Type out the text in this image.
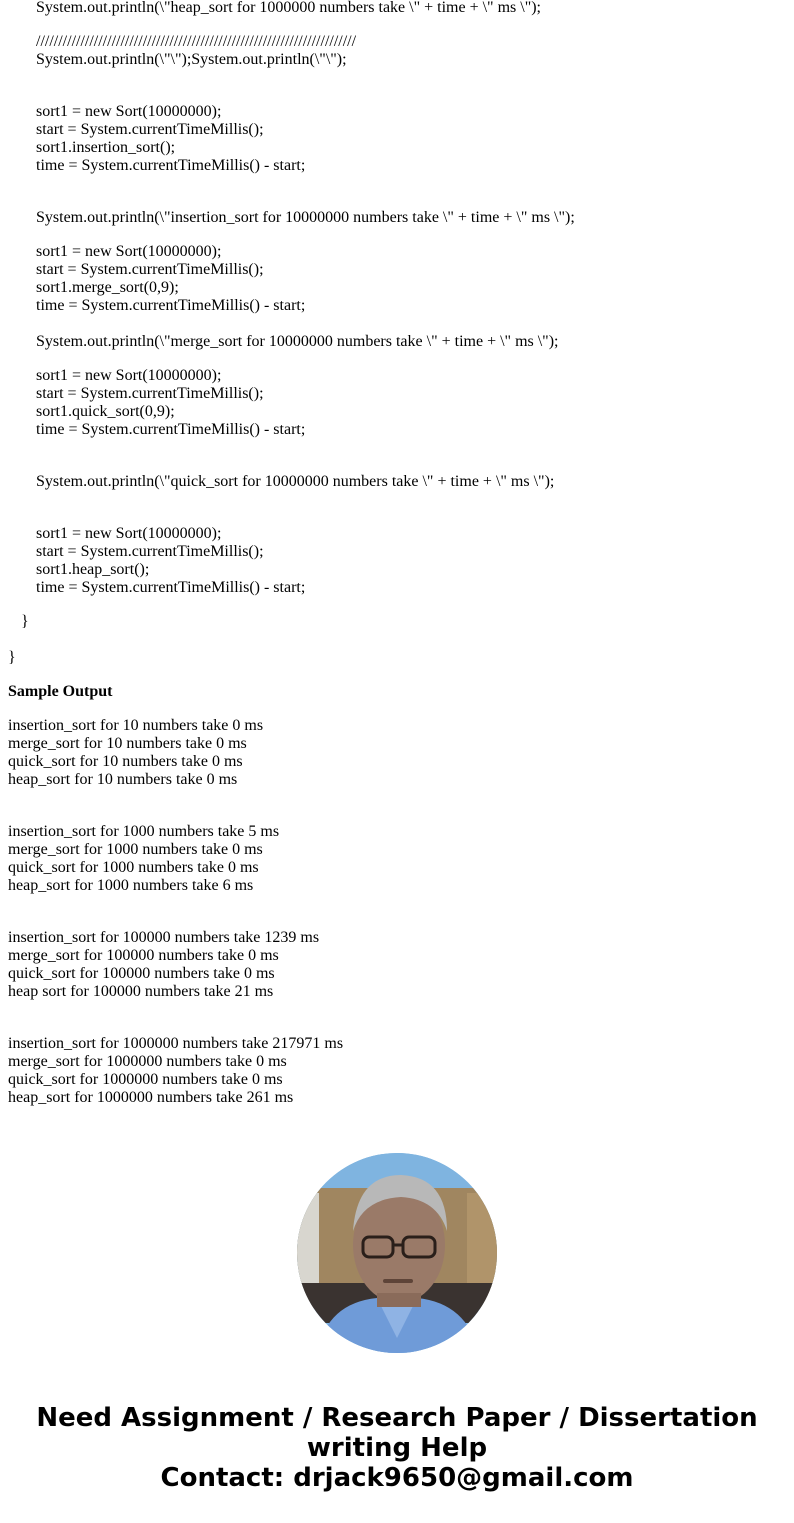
System.out.println(\"heap_sort for 1000000 numbers take \" + time + \" ms \");
////////////////////////////////////////////////////////////////////////
System.out.println(\"\");System.out.println(\"\");
sort1 = new Sort(10000000);
start = System.currentTimeMillis();
sort1.insertion_sort();
time = System.currentTimeMillis() - start;
System.out.println(\"insertion_sort for 10000000 numbers take \" + time + \" ms \");
sort1 = new Sort(10000000);
start = System.currentTimeMillis();
sort1.merge_sort(0,9);
time = System.currentTimeMillis() - start;
System.out.println(\"merge_sort for 10000000 numbers take \" + time + \" ms \");
sort1 = new Sort(10000000);
start = System.currentTimeMillis();
sort1.quick_sort(0,9);
time = System.currentTimeMillis() - start;
System.out.println(\"quick_sort for 10000000 numbers take \" + time + \" ms \");
sort1 = new Sort(10000000);
start = System.currentTimeMillis();
sort1.heap_sort();
time = System.currentTimeMillis() - start;
}
}
Sample Output
insertion_sort for 10 numbers take 0 ms
merge_sort for 10 numbers take 0 ms
quick_sort for 10 numbers take 0 ms
heap_sort for 10 numbers take 0 ms
insertion_sort for 1000 numbers take 5 ms
merge_sort for 1000 numbers take 0 ms
quick_sort for 1000 numbers take 0 ms
heap_sort for 1000 numbers take 6 ms
insertion_sort for 100000 numbers take 1239 ms
merge_sort for 100000 numbers take 0 ms
quick_sort for 100000 numbers take 0 ms
heap sort for 100000 numbers take 21 ms
insertion_sort for 1000000 numbers take 217971 ms
merge_sort for 1000000 numbers take 0 ms
quick_sort for 1000000 numbers take 0 ms
heap_sort for 1000000 numbers take 261 ms
Need Assignment / Research Paper / Dissertation
writing Help
Contact: drjack9650@gmail.com
